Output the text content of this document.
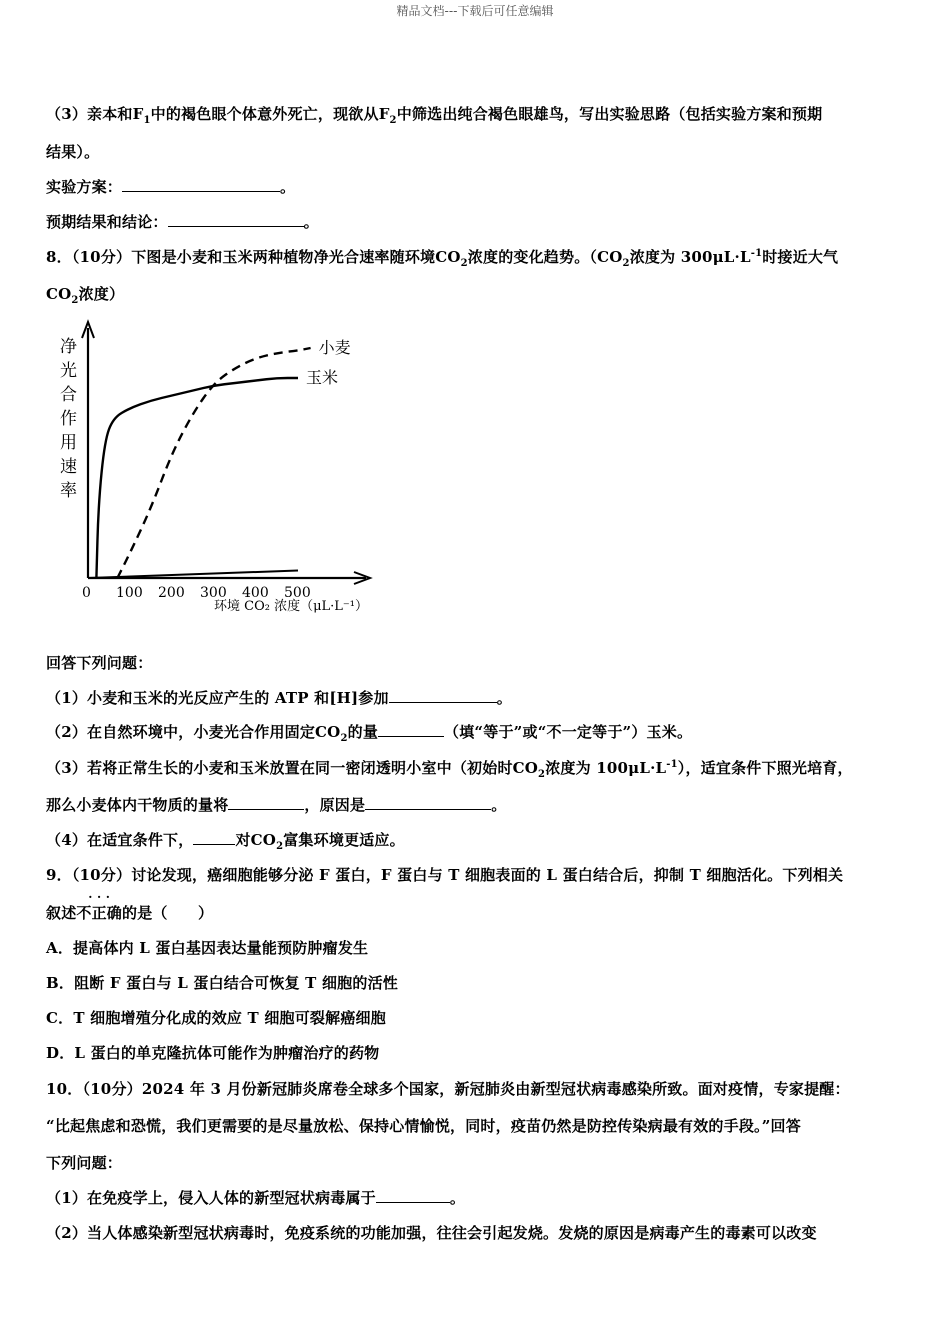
精品文档---下载后可任意编辑
（3）亲本和$F_1$中的褐色眼个体意外死亡，现欲从$F_2$中筛选出纯合褐色眼雄鸟，写出实验思路（包括实验方案和预期
结果）。
实验方案：	。
预期结果和结论：	。
8．（10分）下图是小麦和玉米两种植物净光合速率随环境$CO_2$浓度的变化趋势。（$CO_2$浓度为 $300\mu L\cdot L^{-1}$时接近大气
$CO_2$浓度）
净
光
合
作
用
速
率
0 100 200 300 400 500
环境 CO₂ 浓度（μL·L⁻¹）
小麦
玉米
回答下列问题：
（1）小麦和玉米的光反应产生的 ATP 和[H]参加	。
（2）在自然环境中，小麦光合作用固定$CO_2$的量	（填“等于”或“不一定等于”）玉米。
（3）若将正常生长的小麦和玉米放置在同一密闭透明小室中（初始时$CO_2$浓度为 $100\mu L\cdot L^{-1}$），适宜条件下照光培育，
那么小麦体内干物质的量将	，原因是	。
（4）在适宜条件下，	对$CO_2$富集环境更适应。
9．（10分）讨论发现，癌细胞能够分泌 F 蛋白，F 蛋白与 T 细胞表面的 L 蛋白结合后，抑制 T 细胞活化。下列相关
叙述
· · ·
不正确的是（　　）
A．提高体内 L 蛋白基因表达量能预防肿瘤发生
B．阻断 F 蛋白与 L 蛋白结合可恢复 T 细胞的活性
C．T 细胞增殖分化成的效应 T 细胞可裂解癌细胞
D．L 蛋白的单克隆抗体可能作为肿瘤治疗的药物
10．（10分）2024 年 3 月份新冠肺炎席卷全球多个国家，新冠肺炎由新型冠状病毒感染所致。面对疫情，专家提醒：
“比起焦虑和恐慌，我们更需要的是尽量放松、保持心情愉悦，同时，疫苗仍然是防控传染病最有效的手段。”回答
下列问题：
（1）在免疫学上，侵入人体的新型冠状病毒属于	。
（2）当人体感染新型冠状病毒时，免疫系统的功能加强，往往会引起发烧。发烧的原因是病毒产生的毒素可以改变
